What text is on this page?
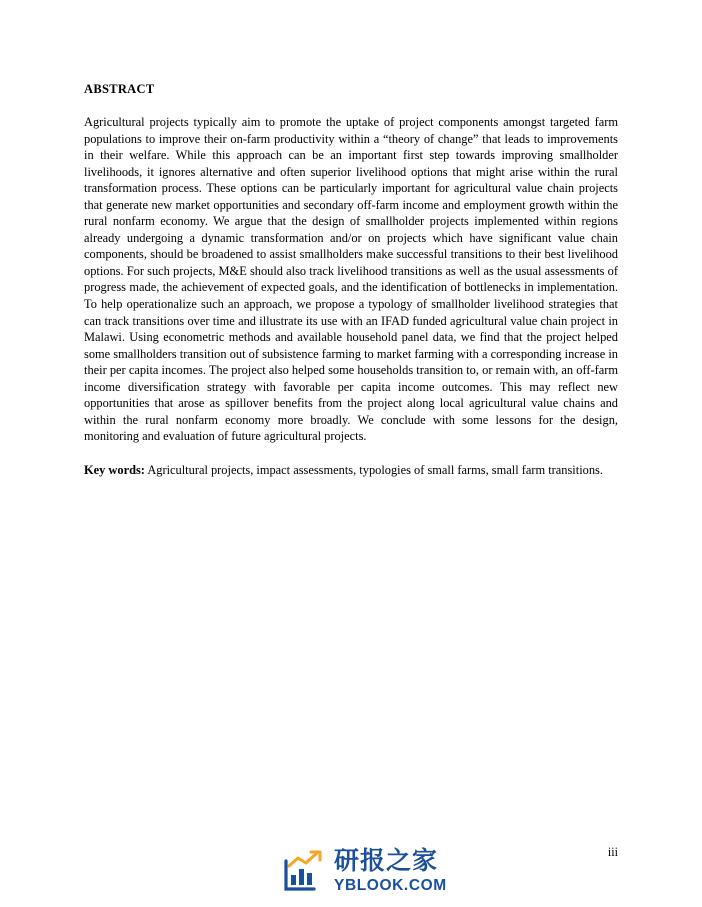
ABSTRACT

Agricultural projects typically aim to promote the uptake of project components amongst targeted farm populations to improve their on-farm productivity within a “theory of change” that leads to improvements in their welfare. While this approach can be an important first step towards improving smallholder livelihoods, it ignores alternative and often superior livelihood options that might arise within the rural transformation process. These options can be particularly important for agricultural value chain projects that generate new market opportunities and secondary off-farm income and employment growth within the rural nonfarm economy. We argue that the design of smallholder projects implemented within regions already undergoing a dynamic transformation and/or on projects which have significant value chain components, should be broadened to assist smallholders make successful transitions to their best livelihood options. For such projects, M&E should also track livelihood transitions as well as the usual assessments of progress made, the achievement of expected goals, and the identification of bottlenecks in implementation. To help operationalize such an approach, we propose a typology of smallholder livelihood strategies that can track transitions over time and illustrate its use with an IFAD funded agricultural value chain project in Malawi. Using econometric methods and available household panel data, we find that the project helped some smallholders transition out of subsistence farming to market farming with a corresponding increase in their per capita incomes. The project also helped some households transition to, or remain with, an off-farm income diversification strategy with favorable per capita income outcomes. This may reflect new opportunities that arose as spillover benefits from the project along local agricultural value chains and within the rural nonfarm economy more broadly. We conclude with some lessons for the design, monitoring and evaluation of future agricultural projects.

Key words: Agricultural projects, impact assessments, typologies of small farms, small farm transitions.

iii
研报之家
YBLOOK.COM
